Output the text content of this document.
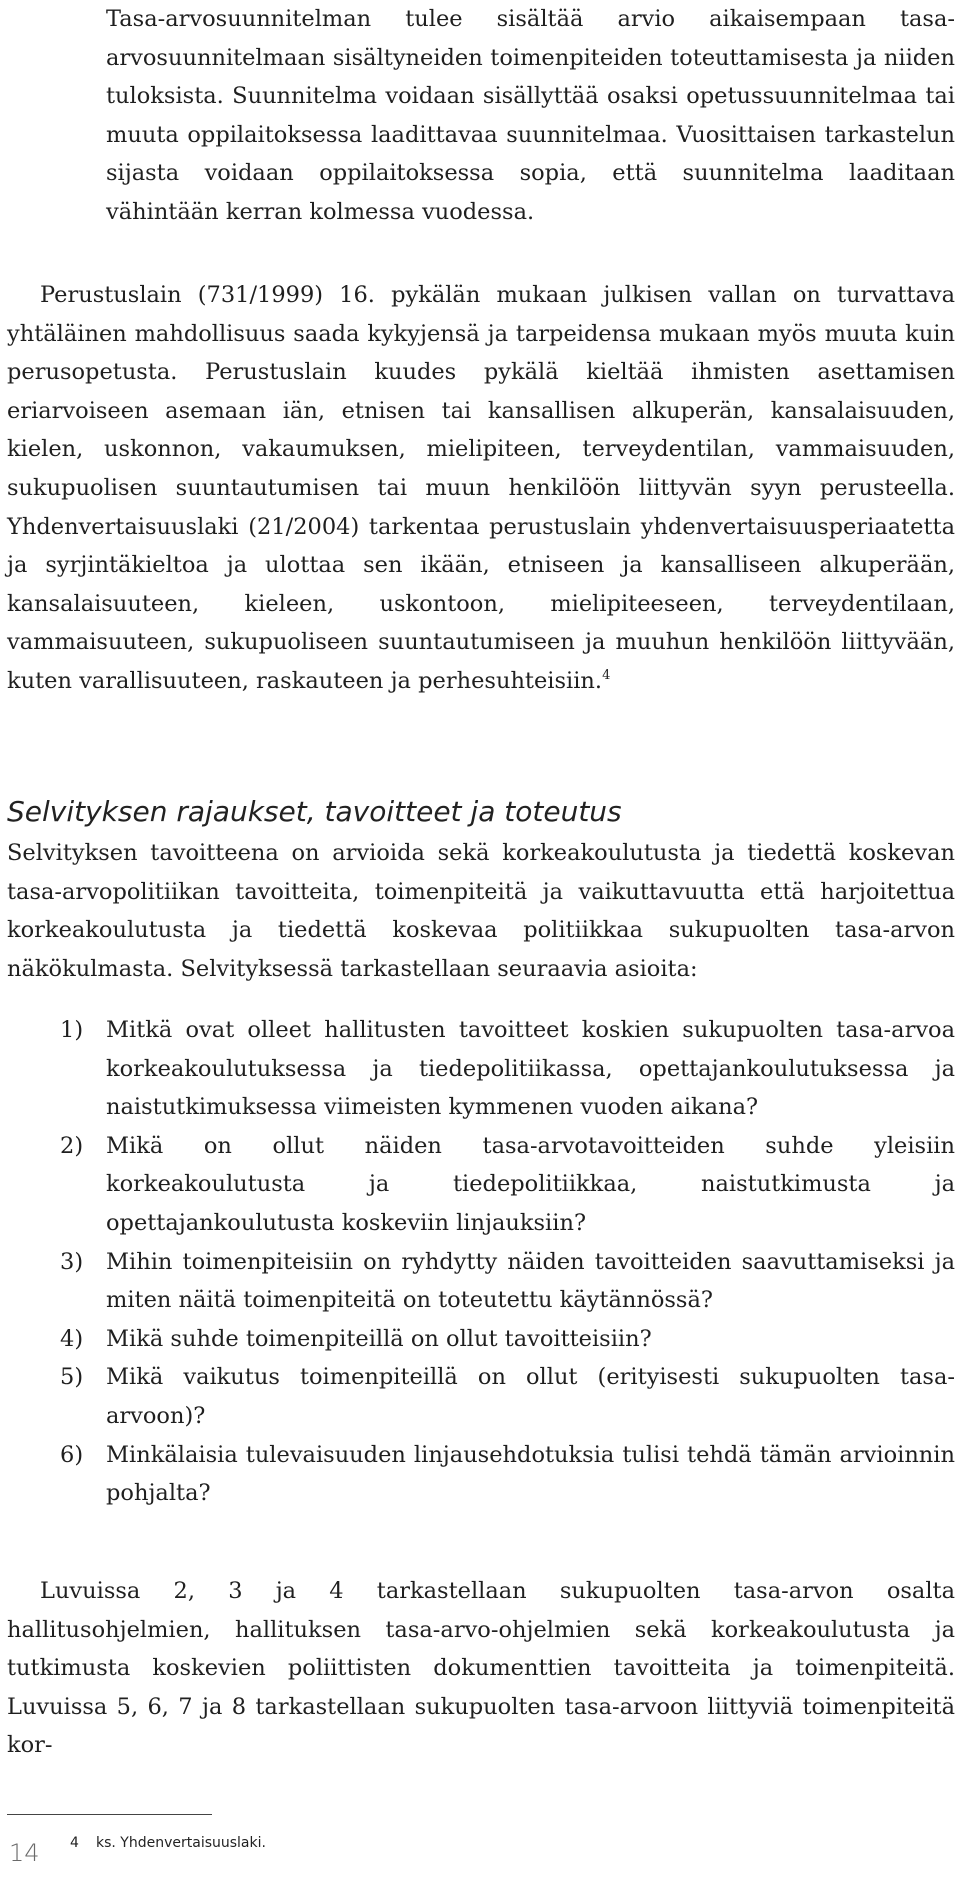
Tasa-arvosuunnitelman tulee sisältää arvio aikaisempaan tasa-arvosuunnitelmaan sisältyneiden toimenpiteiden toteuttamisesta ja niiden tuloksista. Suunnitelma voidaan sisällyttää osaksi opetussuunnitelmaa tai muuta oppilaitoksessa laadittavaa suunnitelmaa. Vuosittaisen tarkastelun sijasta voidaan oppilaitoksessa sopia, että suunnitelma laaditaan vähintään kerran kolmessa vuodessa.

Perustuslain (731/1999) 16. pykälän mukaan julkisen vallan on turvattava yhtäläinen mahdollisuus saada kykyjensä ja tarpeidensa mukaan myös muuta kuin perusopetusta. Perustuslain kuudes pykälä kieltää ihmisten asettamisen eriarvoiseen asemaan iän, etnisen tai kansallisen alkuperän, kansalaisuuden, kielen, uskonnon, vakaumuksen, mielipiteen, terveydentilan, vammaisuuden, sukupuolisen suuntautumisen tai muun henkilöön liittyvän syyn perusteella. Yhdenvertaisuuslaki (21/2004) tarkentaa perustuslain yhdenvertaisuusperiaatetta ja syrjintäkieltoa ja ulottaa sen ikään, etniseen ja kansalliseen alkuperään, kansalaisuuteen, kieleen, uskontoon, mielipiteeseen, terveydentilaan, vammaisuuteen, sukupuoliseen suuntautumiseen ja muuhun henkilöön liittyvään, kuten varallisuuteen, raskauteen ja perhesuhteisiin.$^4$

Selvityksen rajaukset, tavoitteet ja toteutus

Selvityksen tavoitteena on arvioida sekä korkeakoulutusta ja tiedettä koskevan tasa-arvopolitiikan tavoitteita, toimenpiteitä ja vaikuttavuutta että harjoitettua korkeakoulutusta ja tiedettä koskevaa politiikkaa sukupuolten tasa-arvon näkökulmasta. Selvityksessä tarkastellaan seuraavia asioita:

1) Mitkä ovat olleet hallitusten tavoitteet koskien sukupuolten tasa-arvoa korkeakoulutuksessa ja tiedepolitiikassa, opettajankoulutuksessa ja naistutkimuksessa viimeisten kymmenen vuoden aikana?
2) Mikä on ollut näiden tasa-arvotavoitteiden suhde yleisiin korkeakoulutusta ja tiedepolitiikkaa, naistutkimusta ja opettajankoulutusta koskeviin linjauksiin?
3) Mihin toimenpiteisiin on ryhdytty näiden tavoitteiden saavuttamiseksi ja miten näitä toimenpiteitä on toteutettu käytännössä?
4) Mikä suhde toimenpiteillä on ollut tavoitteisiin?
5) Mikä vaikutus toimenpiteillä on ollut (erityisesti sukupuolten tasa-arvoon)?
6) Minkälaisia tulevaisuuden linjausehdotuksia tulisi tehdä tämän arvioinnin pohjalta?

Luvuissa 2, 3 ja 4 tarkastellaan sukupuolten tasa-arvon osalta hallitusohjelmien, hallituksen tasa-arvo-ohjelmien sekä korkeakoulutusta ja tutkimusta koskevien poliittisten dokumenttien tavoitteita ja toimenpiteitä. Luvuissa 5, 6, 7 ja 8 tarkastellaan sukupuolten tasa-arvoon liittyviä toimenpiteitä kor-

4 ks. Yhdenvertaisuuslaki.
14
